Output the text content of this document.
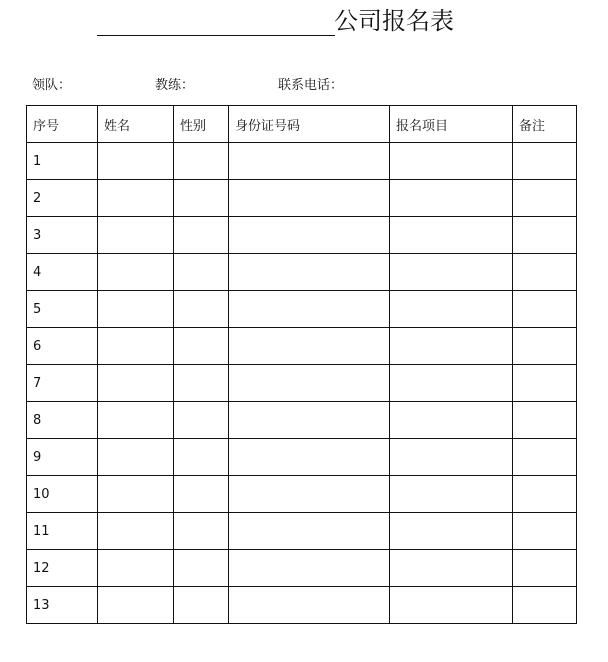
公司报名表
领队：	教练：	联系电话：
序号	姓名	性别	身份证号码	报名项目	备注
1					
2					
3					
4					
5					
6					
7					
8					
9					
10					
11					
12					
13					
